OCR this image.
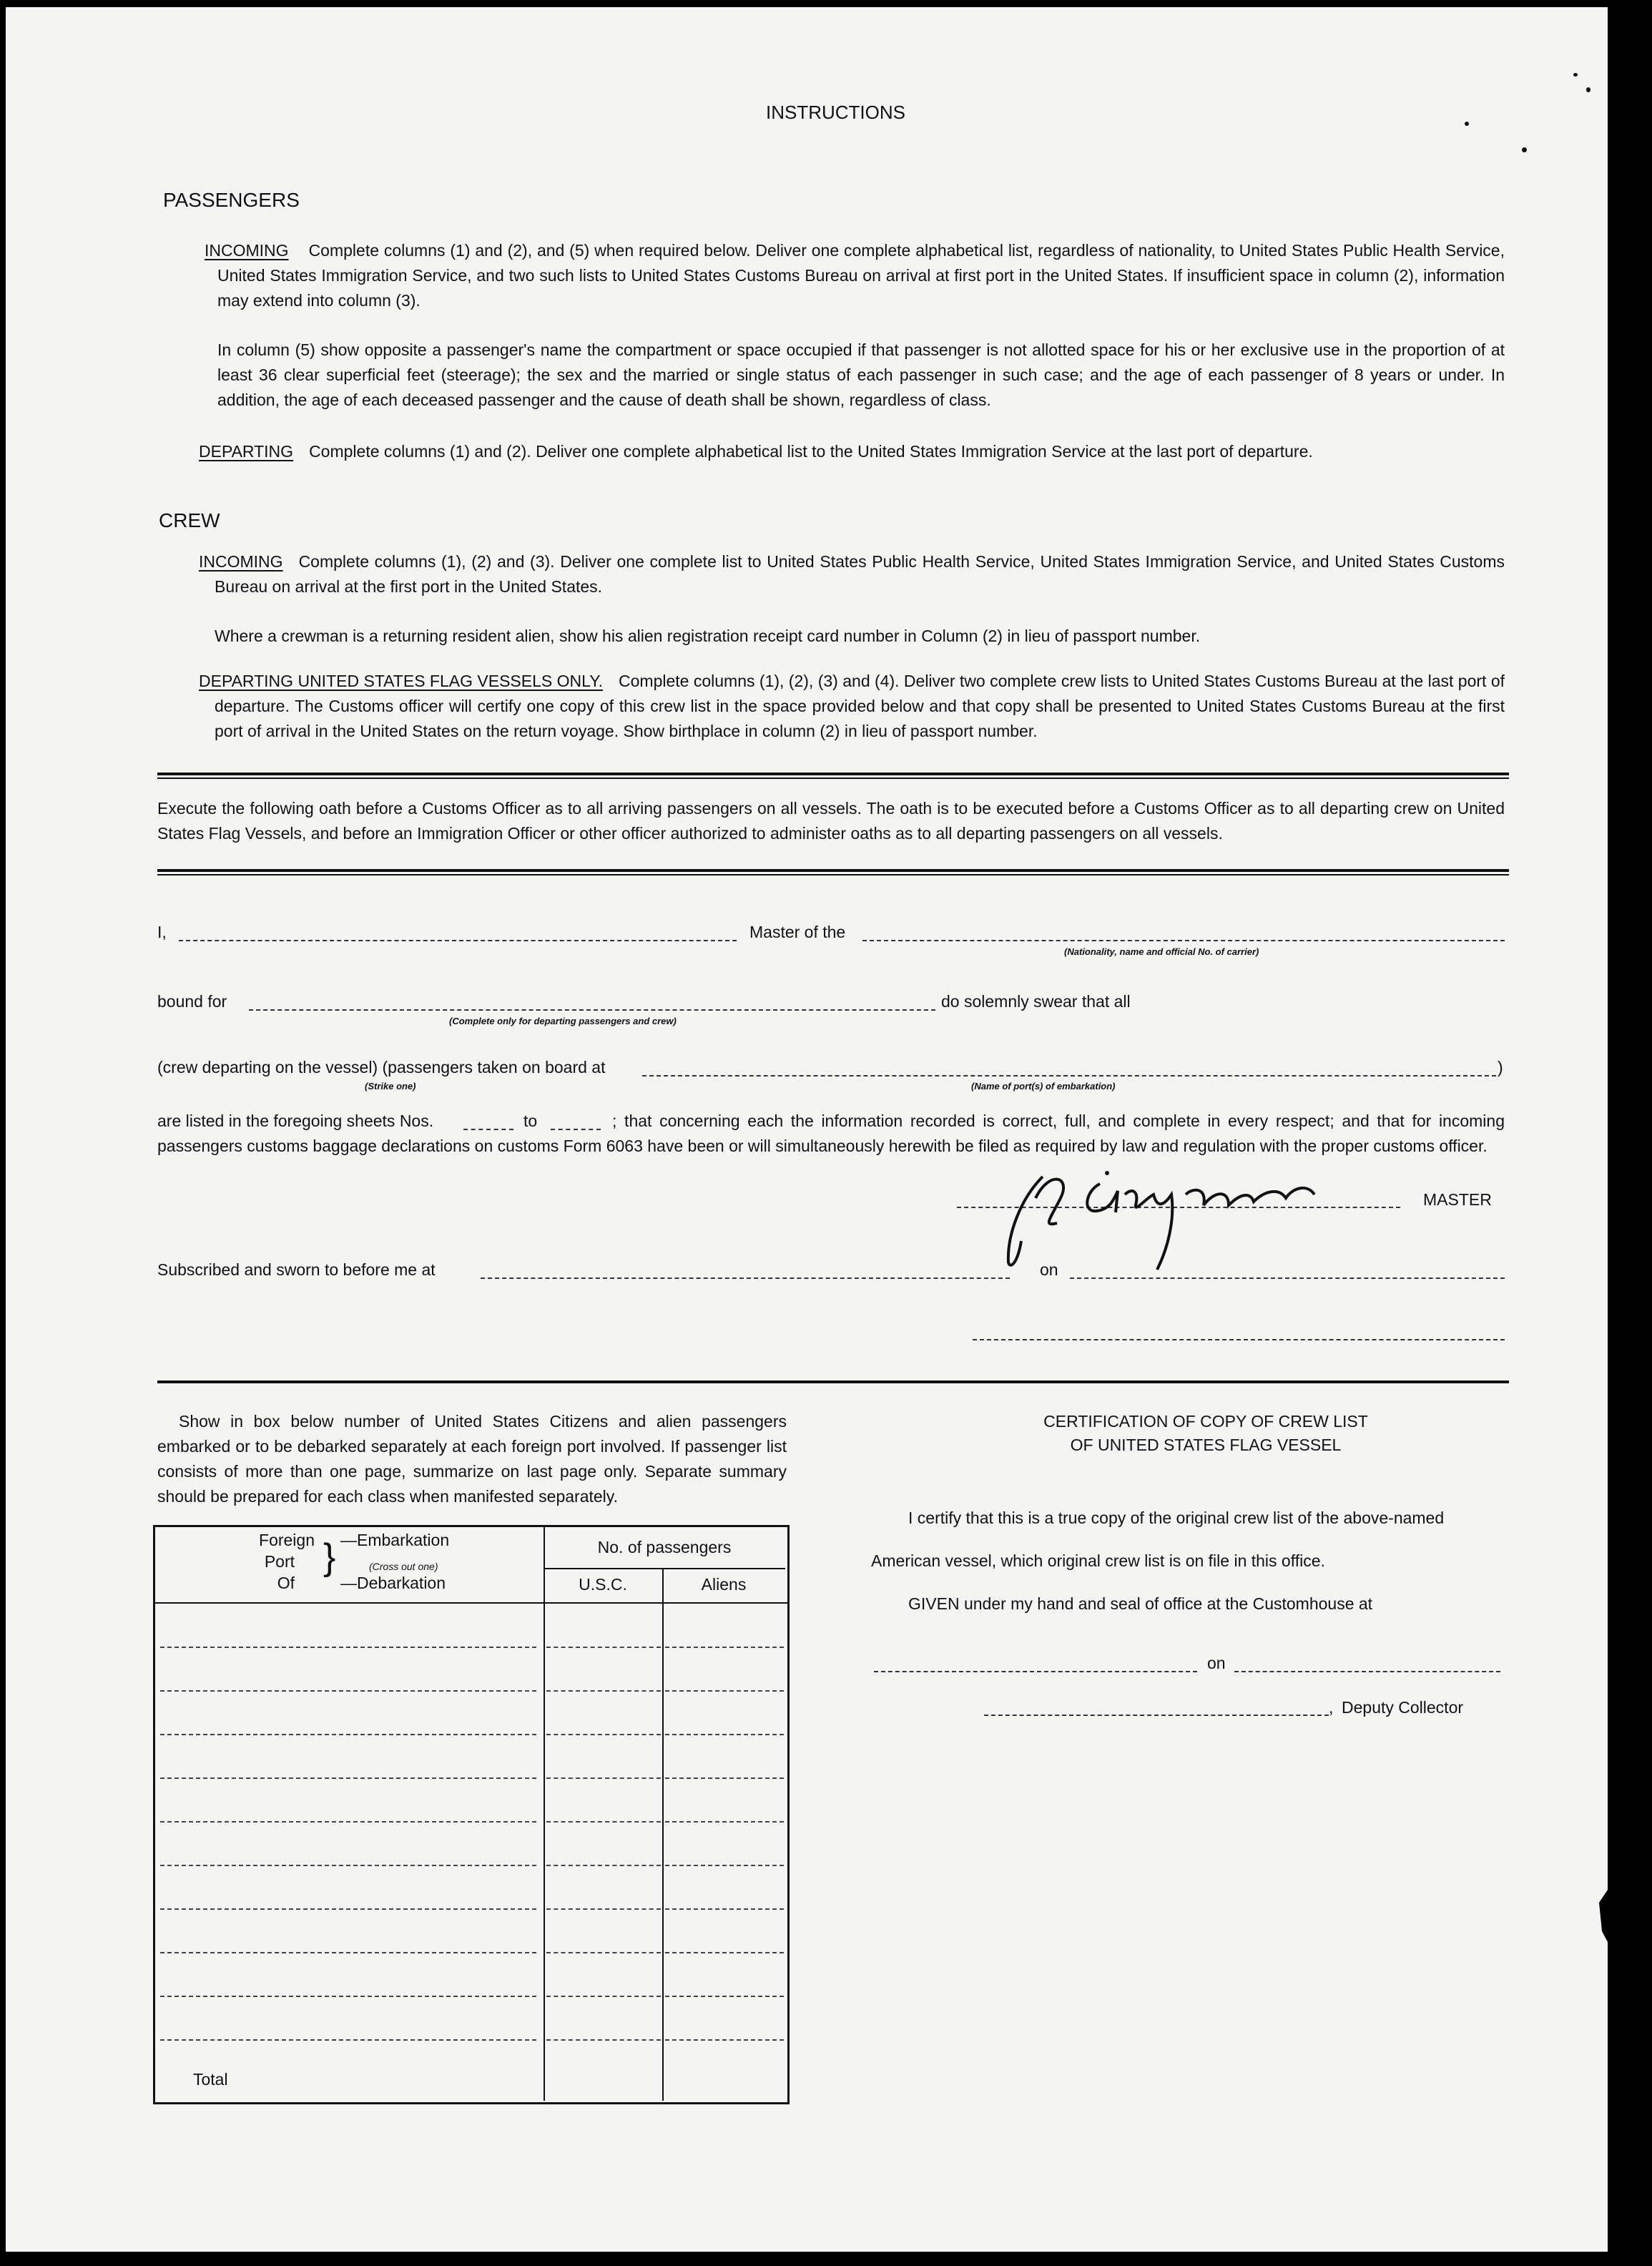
INSTRUCTIONS
PASSENGERS
INCOMING Complete columns (1) and (2), and (5) when required below. Deliver one complete alphabetical list, regardless of nationality, to United States Public Health Service, United States Immigration Service, and two such lists to United States Customs Bureau on arrival at first port in the United States. If insufficient space in column (2), information may extend into column (3).
In column (5) show opposite a passenger's name the compartment or space occupied if that passenger is not allotted space for his or her exclusive use in the proportion of at least 36 clear superficial feet (steerage); the sex and the married or single status of each passenger in such case; and the age of each passenger of 8 years or under. In addition, the age of each deceased passenger and the cause of death shall be shown, regardless of class.
DEPARTING Complete columns (1) and (2). Deliver one complete alphabetical list to the United States Immigration Service at the last port of departure.
CREW
INCOMING Complete columns (1), (2) and (3). Deliver one complete list to United States Public Health Service, United States Immigration Service, and United States Customs Bureau on arrival at the first port in the United States.
Where a crewman is a returning resident alien, show his alien registration receipt card number in Column (2) in lieu of passport number.
DEPARTING UNITED STATES FLAG VESSELS ONLY. Complete columns (1), (2), (3) and (4). Deliver two complete crew lists to United States Customs Bureau at the last port of departure. The Customs officer will certify one copy of this crew list in the space provided below and that copy shall be presented to United States Customs Bureau at the first port of arrival in the United States on the return voyage. Show birthplace in column (2) in lieu of passport number.
Execute the following oath before a Customs Officer as to all arriving passengers on all vessels. The oath is to be executed before a Customs Officer as to all departing crew on United States Flag Vessels, and before an Immigration Officer or other officer authorized to administer oaths as to all departing passengers on all vessels.
I,	Master of the
(Nationality, name and official No. of carrier)
bound for
(Complete only for departing passengers and crew)
do solemnly swear that all
(crew departing on the vessel) (passengers taken on board at	)
(Strike one)	(Name of port(s) of embarkation)
are listed in the foregoing sheets Nos.	to	; that concerning each the information recorded is correct, full, and complete in every respect; and that for incoming passengers customs baggage declarations on customs Form 6063 have been or will simultaneously herewith be filed as required by law and regulation with the proper customs officer.
MASTER
Subscribed and sworn to before me at	on
Show in box below number of United States Citizens and alien passengers embarked or to be debarked separately at each foreign port involved. If passenger list consists of more than one page, summarize on last page only. Separate summary should be prepared for each class when manifested separately.
Foreign
Port
Of
} —Embarkation
(Cross out one)
—Debarkation
No. of passengers
U.S.C.	Aliens
Total
CERTIFICATION OF COPY OF CREW LIST
OF UNITED STATES FLAG VESSEL
I certify that this is a true copy of the original crew list of the above-named
American vessel, which original crew list is on file in this office.
GIVEN under my hand and seal of office at the Customhouse at
on
, Deputy Collector
